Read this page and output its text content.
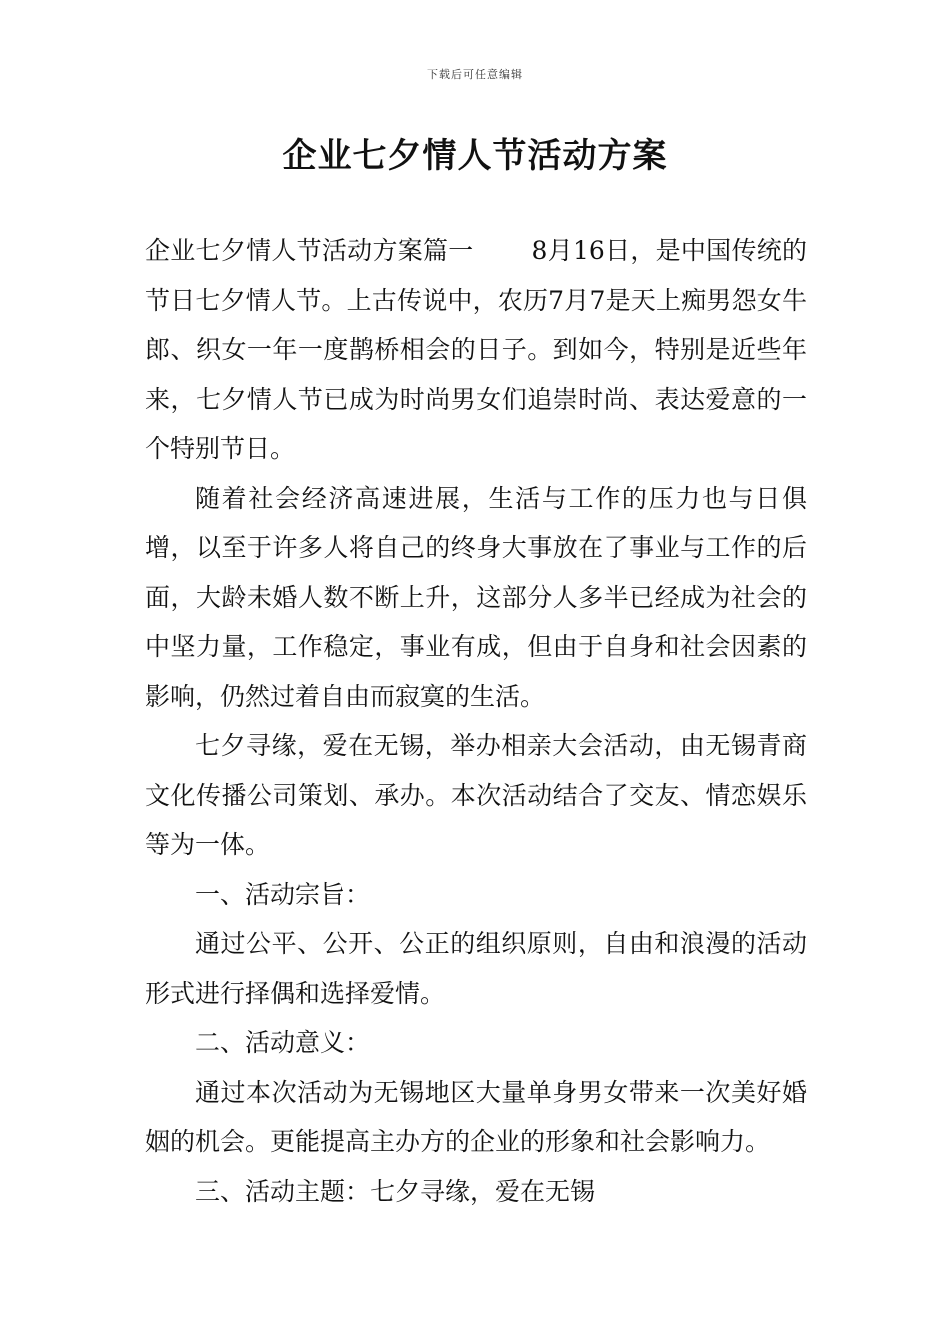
下载后可任意编辑
企业七夕情人节活动方案

企业七夕情人节活动方案篇一 8月16日，是中国传统的节日七夕情人节。上古传说中，农历7月7是天上痴男怨女牛郎、织女一年一度鹊桥相会的日子。到如今，特别是近些年来，七夕情人节已成为时尚男女们追崇时尚、表达爱意的一个特别节日。

随着社会经济高速进展，生活与工作的压力也与日俱增，以至于许多人将自己的终身大事放在了事业与工作的后面，大龄未婚人数不断上升，这部分人多半已经成为社会的中坚力量，工作稳定，事业有成，但由于自身和社会因素的影响，仍然过着自由而寂寞的生活。

七夕寻缘，爱在无锡，举办相亲大会活动，由无锡青商文化传播公司策划、承办。本次活动结合了交友、情恋娱乐等为一体。

一、活动宗旨：

通过公平、公开、公正的组织原则，自由和浪漫的活动形式进行择偶和选择爱情。

二、活动意义：

通过本次活动为无锡地区大量单身男女带来一次美好婚姻的机会。更能提高主办方的企业的形象和社会影响力。

三、活动主题：七夕寻缘，爱在无锡
